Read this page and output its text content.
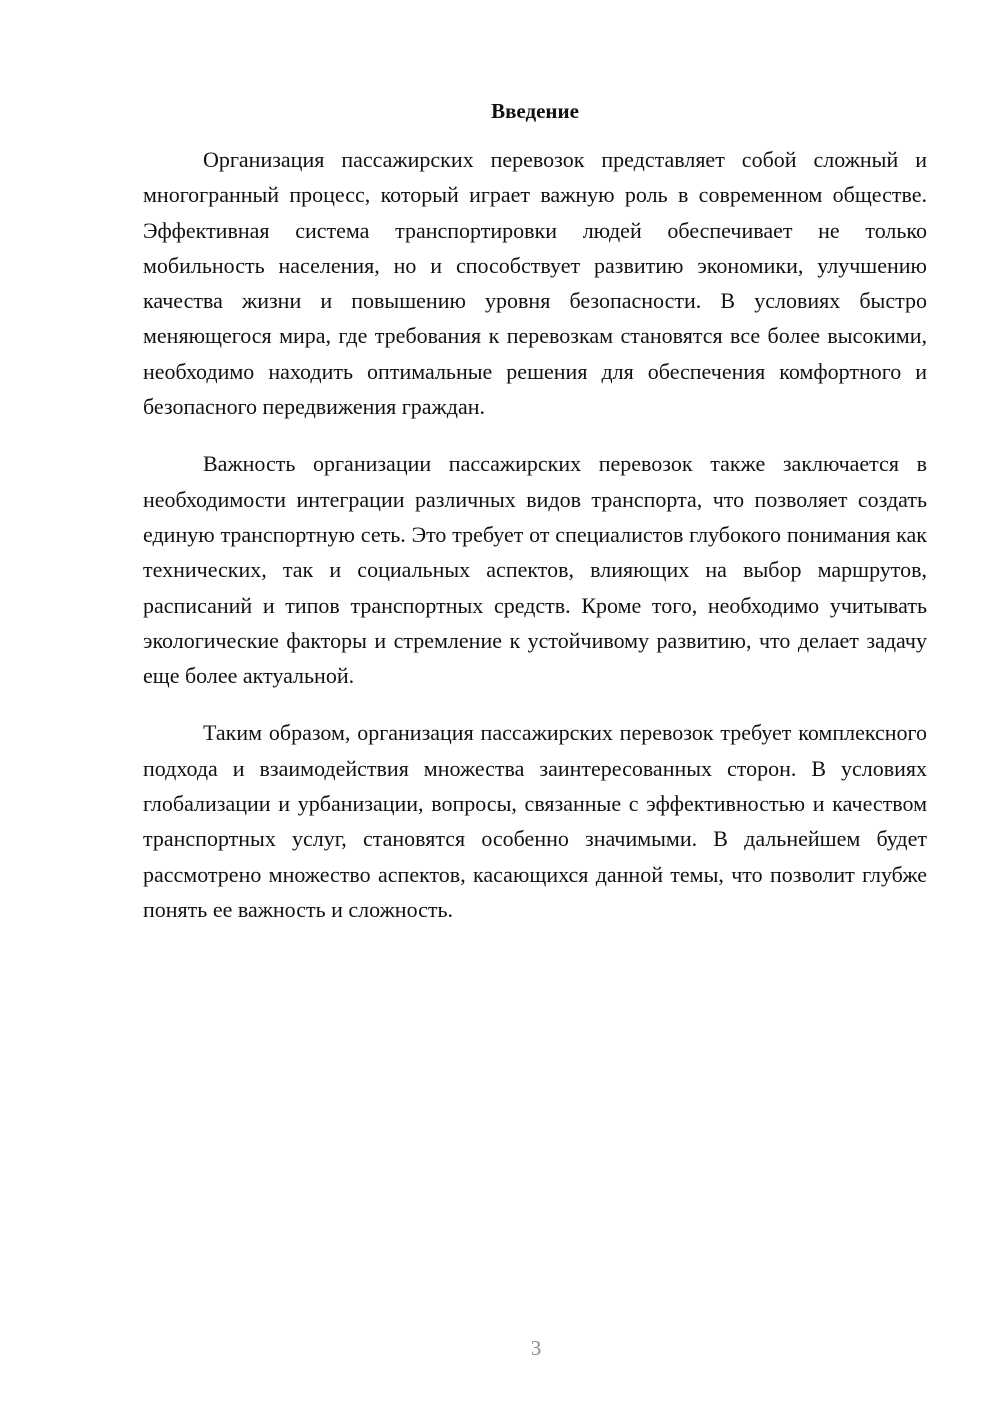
Введение

Организация пассажирских перевозок представляет собой сложный и многогранный процесс, который играет важную роль в современном обществе. Эффективная система транспортировки людей обеспечивает не только мобильность населения, но и способствует развитию экономики, улучшению качества жизни и повышению уровня безопасности. В условиях быстро меняющегося мира, где требования к перевозкам становятся все более высокими, необходимо находить оптимальные решения для обеспечения комфортного и безопасного передвижения граждан.

Важность организации пассажирских перевозок также заключается в необходимости интеграции различных видов транспорта, что позволяет создать единую транспортную сеть. Это требует от специалистов глубокого понимания как технических, так и социальных аспектов, влияющих на выбор маршрутов, расписаний и типов транспортных средств. Кроме того, необходимо учитывать экологические факторы и стремление к устойчивому развитию, что делает задачу еще более актуальной.

Таким образом, организация пассажирских перевозок требует комплексного подхода и взаимодействия множества заинтересованных сторон. В условиях глобализации и урбанизации, вопросы, связанные с эффективностью и качеством транспортных услуг, становятся особенно значимыми. В дальнейшем будет рассмотрено множество аспектов, касающихся данной темы, что позволит глубже понять ее важность и сложность.

3
